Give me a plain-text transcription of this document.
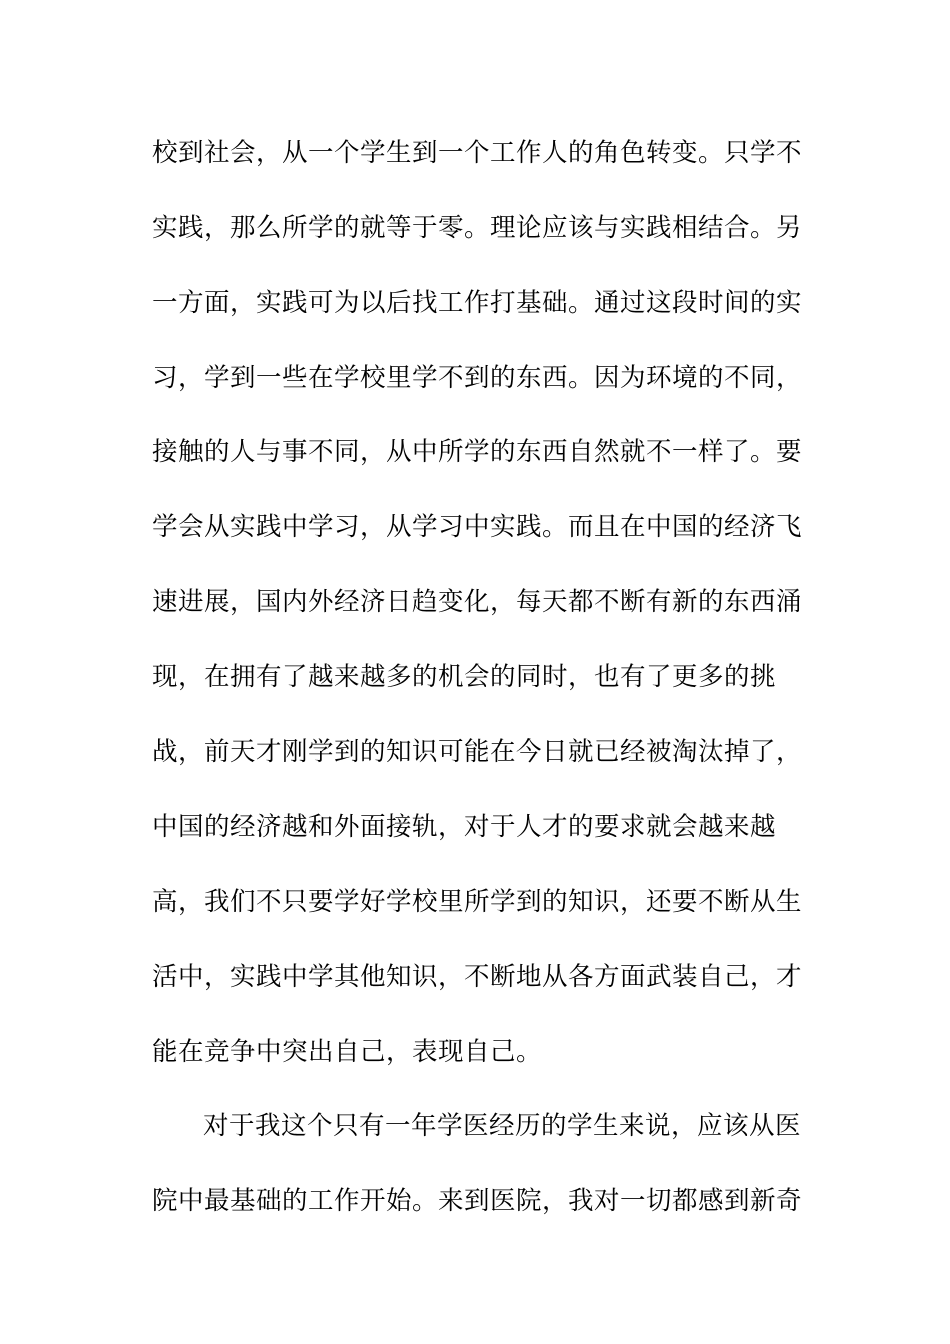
校到社会，从一个学生到一个工作人的角色转变。只学不
实践，那么所学的就等于零。理论应该与实践相结合。另
一方面，实践可为以后找工作打基础。通过这段时间的实
习，学到一些在学校里学不到的东西。因为环境的不同，
接触的人与事不同，从中所学的东西自然就不一样了。要
学会从实践中学习，从学习中实践。而且在中国的经济飞
速进展，国内外经济日趋变化，每天都不断有新的东西涌
现，在拥有了越来越多的机会的同时，也有了更多的挑
战，前天才刚学到的知识可能在今日就已经被淘汰掉了，
中国的经济越和外面接轨，对于人才的要求就会越来越
高，我们不只要学好学校里所学到的知识，还要不断从生
活中，实践中学其他知识，不断地从各方面武装自己，才
能在竞争中突出自己，表现自己。
对于我这个只有一年学医经历的学生来说，应该从医
院中最基础的工作开始。来到医院，我对一切都感到新奇
